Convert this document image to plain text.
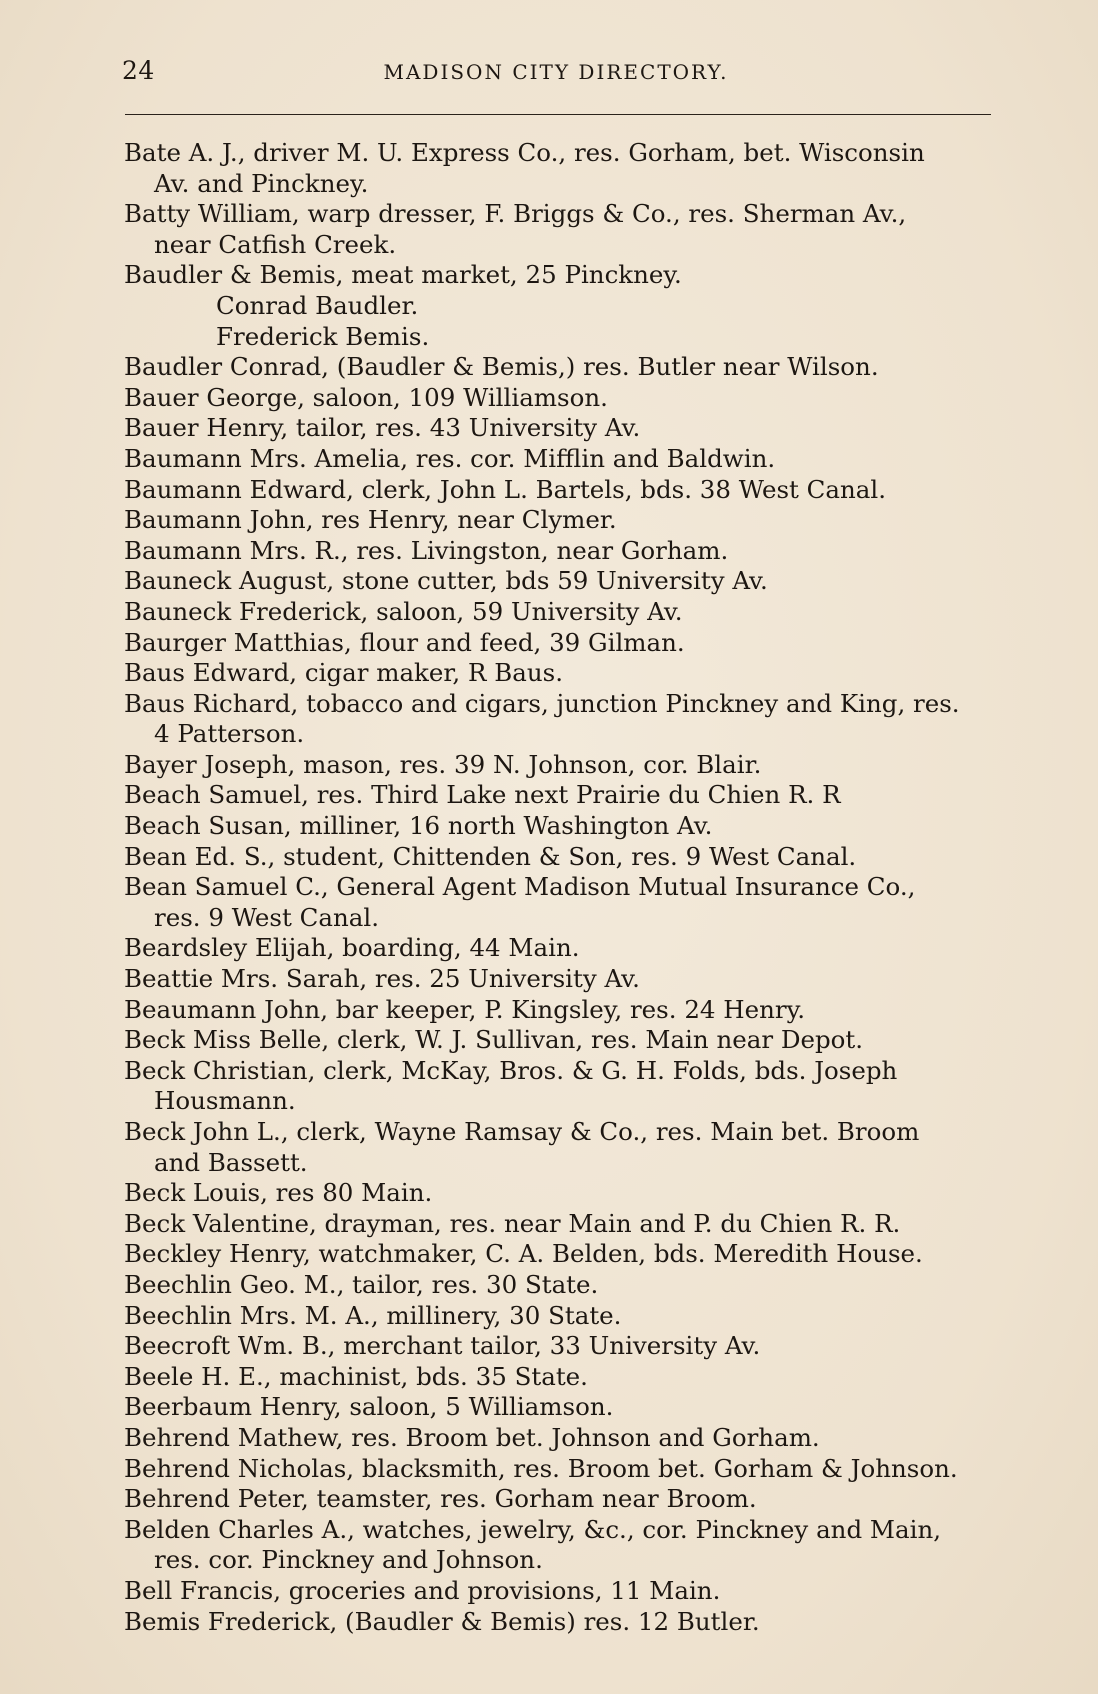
24	MADISON CITY DIRECTORY.
Bate A. J., driver M. U. Express Co., res. Gorham, bet. Wisconsin
Av. and Pinckney.
Batty William, warp dresser, F. Briggs & Co., res. Sherman Av.,
near Catfish Creek.
Baudler & Bemis, meat market, 25 Pinckney.
Conrad Baudler.
Frederick Bemis.
Baudler Conrad, (Baudler & Bemis,) res. Butler near Wilson.
Bauer George, saloon, 109 Williamson.
Bauer Henry, tailor, res. 43 University Av.
Baumann Mrs. Amelia, res. cor. Mifflin and Baldwin.
Baumann Edward, clerk, John L. Bartels, bds. 38 West Canal.
Baumann John, res Henry, near Clymer.
Baumann Mrs. R., res. Livingston, near Gorham.
Bauneck August, stone cutter, bds 59 University Av.
Bauneck Frederick, saloon, 59 University Av.
Baurger Matthias, flour and feed, 39 Gilman.
Baus Edward, cigar maker, R Baus.
Baus Richard, tobacco and cigars, junction Pinckney and King, res.
4 Patterson.
Bayer Joseph, mason, res. 39 N. Johnson, cor. Blair.
Beach Samuel, res. Third Lake next Prairie du Chien R. R
Beach Susan, milliner, 16 north Washington Av.
Bean Ed. S., student, Chittenden & Son, res. 9 West Canal.
Bean Samuel C., General Agent Madison Mutual Insurance Co.,
res. 9 West Canal.
Beardsley Elijah, boarding, 44 Main.
Beattie Mrs. Sarah, res. 25 University Av.
Beaumann John, bar keeper, P. Kingsley, res. 24 Henry.
Beck Miss Belle, clerk, W. J. Sullivan, res. Main near Depot.
Beck Christian, clerk, McKay, Bros. & G. H. Folds, bds. Joseph
Housmann.
Beck John L., clerk, Wayne Ramsay & Co., res. Main bet. Broom
and Bassett.
Beck Louis, res 80 Main.
Beck Valentine, drayman, res. near Main and P. du Chien R. R.
Beckley Henry, watchmaker, C. A. Belden, bds. Meredith House.
Beechlin Geo. M., tailor, res. 30 State.
Beechlin Mrs. M. A., millinery, 30 State.
Beecroft Wm. B., merchant tailor, 33 University Av.
Beele H. E., machinist, bds. 35 State.
Beerbaum Henry, saloon, 5 Williamson.
Behrend Mathew, res. Broom bet. Johnson and Gorham.
Behrend Nicholas, blacksmith, res. Broom bet. Gorham & Johnson.
Behrend Peter, teamster, res. Gorham near Broom.
Belden Charles A., watches, jewelry, &c., cor. Pinckney and Main,
res. cor. Pinckney and Johnson.
Bell Francis, groceries and provisions, 11 Main.
Bemis Frederick, (Baudler & Bemis) res. 12 Butler.
